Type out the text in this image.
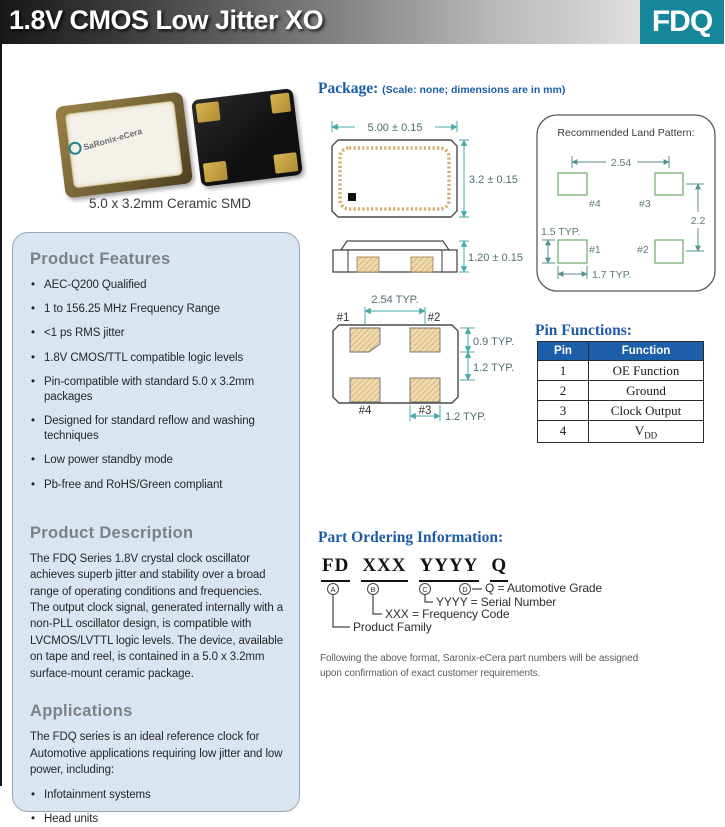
1.8V CMOS Low Jitter XO	FDQ
SaRonix-eCera
5.0 x 3.2mm Ceramic SMD
Package: (Scale: none; dimensions are in mm)
5.00 ± 0.15
3.2 ± 0.15
1.20 ± 0.15
#1	#2
#3
#4
2.54 TYP.
0.9 TYP.
1.2 TYP.
1.2 TYP.
Recommended Land Pattern:
#4	#3
#1	#2
2.54
2.2
1.5 TYP.
1.7 TYP.
Pin Functions:
Pin	Function
1	OE Function
2	Ground
3	Clock Output
4	$V_{DD}$
Product Features
• AEC-Q200 Qualified
• 1 to 156.25 MHz Frequency Range
• <1 ps RMS jitter
• 1.8V CMOS/TTL compatible logic levels
• Pin-compatible with standard 5.0 x 3.2mm packages
• Designed for standard reflow and washing techniques
• Low power standby mode
• Pb-free and RoHS/Green compliant
Product Description

The FDQ Series 1.8V crystal clock oscillator achieves superb jitter and stability over a broad range of operating conditions and frequencies. The output clock signal, generated internally with a non-PLL oscillator design, is compatible with LVCMOS/LVTTL logic levels. The device, available on tape and reel, is contained in a 5.0 x 3.2mm surface-mount ceramic package.

Applications

The FDQ series is an ideal reference clock for Automotive applications requiring low jitter and low power, including:

• Infotainment systems
• Head units
Part Ordering Information:
FD XXX YYYY Q
A	B	C	D Q = Automotive Grade
YYYY = Serial Number
XXX = Frequency Code
Product Family
Following the above format, Saronix-eCera part numbers will be assigned upon confirmation of exact customer requirements.
